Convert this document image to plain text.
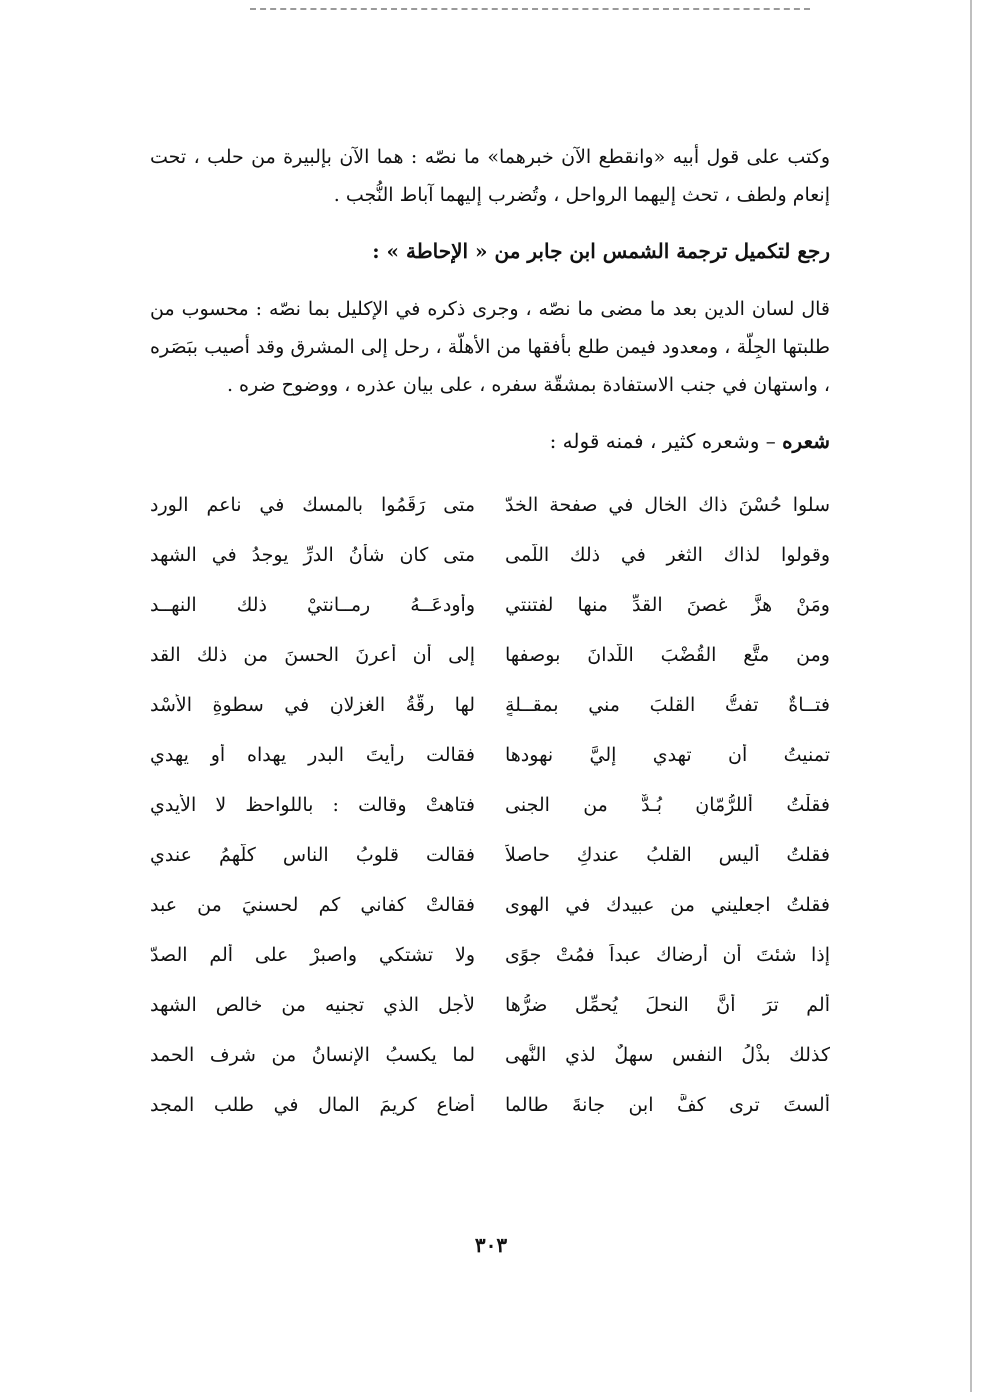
وكتب على قول أبيه «وانقطع الآن خبرهما» ما نصّه : هما الآن بإلبيرة من حلب ، تحت إنعام ولطف ، تحث إليهما الرواحل ، وتُضرب إليهما آباط النُّجب .

رجع لتكميل ترجمة الشمس ابن جابر من « الإحاطة » :

قال لسان الدين بعد ما مضى ما نصّه ، وجرى ذكره في الإكليل بما نصّه : محسوب من طلبتها الجِلّة ، ومعدود فيمن طلع بأفقها من الأهلّة ، رحل إلى المشرق وقد أصيب ببَصَره ، واستهان في جنب الاستفادة بمشقّة سفره ، على بيان عذره ، ووضوح ضره .

شعره – وشعره كثير ، فمنه قوله :

سلوا حُسْنَ ذاك الخال في صفحة الخدّ
متى رَقَمُوا بالمسك في ناعم الورد
وقولوا لذاك الثغر في ذلك اللَّمى
متى كان شأنُ الدرِّ يوجدُ في الشهد
ومَنْ هزَّ غصنَ القدِّ منها لفتنتي
وأودعَــهُ رمــانتيْ ذلك النهــد
ومن متَّع القُضْبَ اللّدانَ بوصفها
إلى أن أعرنَ الحسنَ من ذلك القد
فتــاةٌ تفتُّ القلبَ مني بمقــلةٍ
لها رقَّةُ الغزلانِ في سطوةِ الأسْد
تمنيتُ أن تهدي إليَّ نهودها
فقالت رأيتَ البدر يهداه أو يهدي
فقلْتُ أللرُّمّانِ بُـدٌّ من الجنى
فتاهتْ وقالت : باللواحظ لا الأيدي
فقلتُ أليس القلبُ عندكِ حاصلاً
فقالت قلوبُ الناسِ كلّهمُ عندي
فقلتُ اجعليني من عبيدك في الهوى
فقالتْ كفاني كم لحسنيَ من عبد
إذا شئتَ أن أرضاك عبداً فمُتْ جوًى
ولا تشتكي واصبرْ على ألم الصدّ
ألم ترَ أنَّ النحلَ يُحمِّل ضرُّها
لأجل الذي تجنيه من خالص الشهد
كذلك بذْلُ النفس سهلٌ لذي النُّهى
لما يكسبُ الإنسانُ من شرف الحمد
ألستَ ترى كفَّ ابن جانةَ طالما
أضاع كريمَ المال في طلب المجد
٣٠٣
